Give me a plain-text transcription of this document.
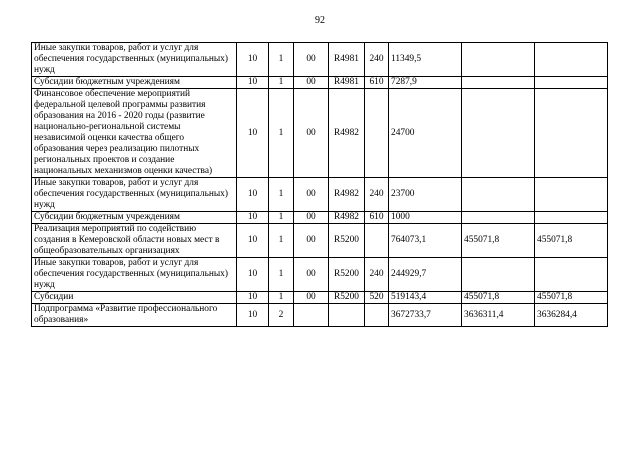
92
Иные закупки товаров, работ и услуг для обеспечения государственных (муниципальных) нужд	10	1	00	R4981	240	11349,5		
Субсидии бюджетным учреждениям	10	1	00	R4981	610	7287,9		
Финансовое обеспечение мероприятий федеральной целевой программы развития образования на 2016 - 2020 годы (развитие национально-региональной системы независимой оценки качества общего образования через реализацию пилотных региональных проектов и создание национальных механизмов оценки качества)	10	1	00	R4982		24700		
Иные закупки товаров, работ и услуг для обеспечения государственных (муниципальных) нужд	10	1	00	R4982	240	23700		
Субсидии бюджетным учреждениям	10	1	00	R4982	610	1000		
Реализация мероприятий по содействию создания в Кемеровской области новых мест в общеобразовательных организациях	10	1	00	R5200		764073,1	455071,8	455071,8
Иные закупки товаров, работ и услуг для обеспечения государственных (муниципальных) нужд	10	1	00	R5200	240	244929,7		
Субсидии	10	1	00	R5200	520	519143,4	455071,8	455071,8
Подпрограмма «Развитие профессионального образования»	10	2				3672733,7	3636311,4	3636284,4
